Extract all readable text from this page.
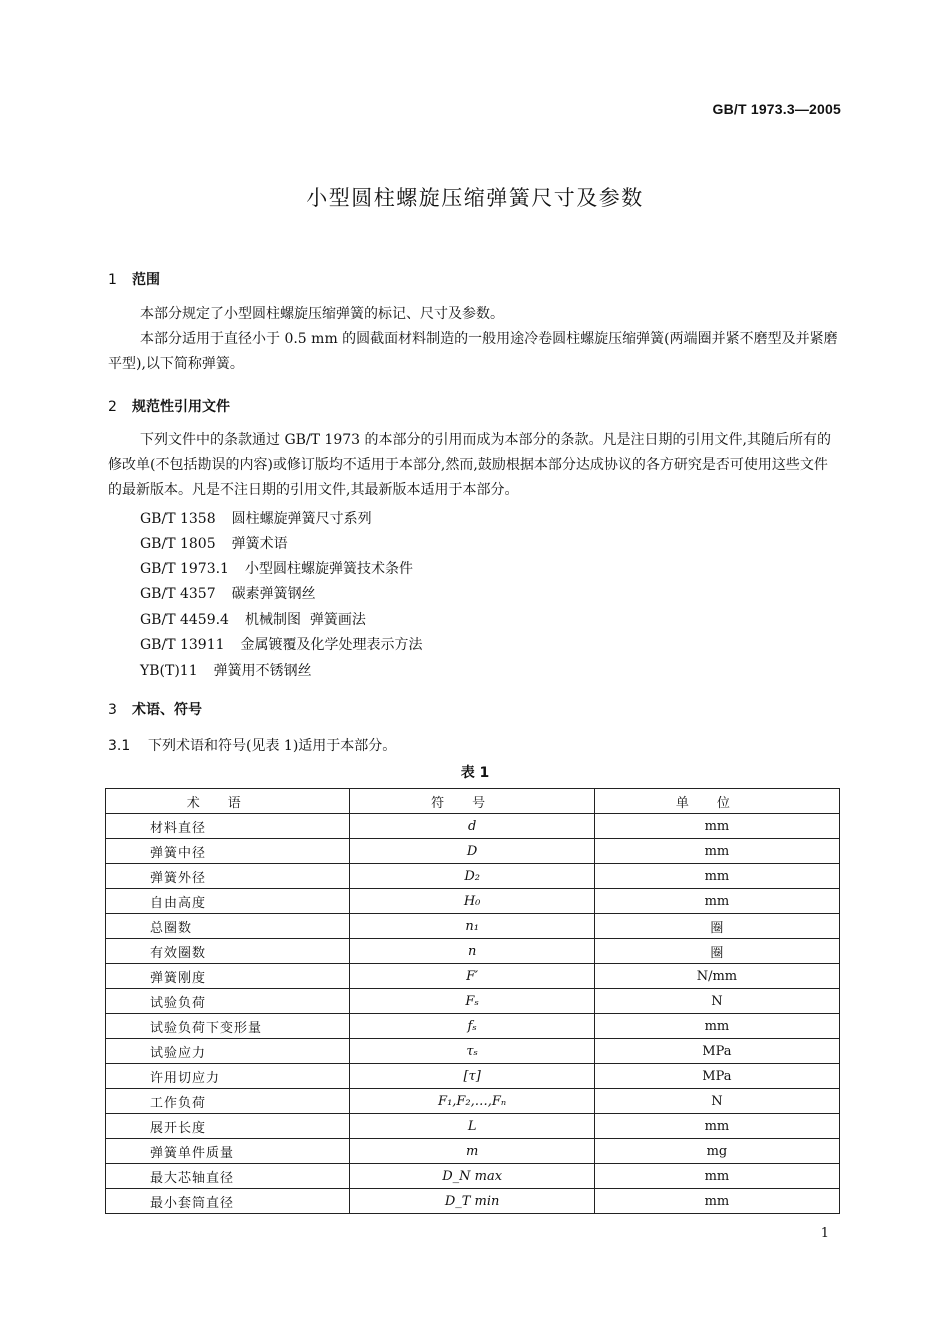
GB/T 1973.3—2005
小型圆柱螺旋压缩弹簧尺寸及参数
1 范围
本部分规定了小型圆柱螺旋压缩弹簧的标记、尺寸及参数。
本部分适用于直径小于 0.5 mm 的圆截面材料制造的一般用途冷卷圆柱螺旋压缩弹簧(两端圈并紧不磨型及并紧磨平型),以下简称弹簧。
2 规范性引用文件
下列文件中的条款通过 GB/T 1973 的本部分的引用而成为本部分的条款。凡是注日期的引用文件,其随后所有的修改单(不包括勘误的内容)或修订版均不适用于本部分,然而,鼓励根据本部分达成协议的各方研究是否可使用这些文件的最新版本。凡是不注日期的引用文件,其最新版本适用于本部分。
GB/T 1358 圆柱螺旋弹簧尺寸系列
GB/T 1805 弹簧术语
GB/T 1973.1 小型圆柱螺旋弹簧技术条件
GB/T 4357 碳素弹簧钢丝
GB/T 4459.4 机械制图  弹簧画法
GB/T 13911 金属镀覆及化学处理表示方法
YB(T)11 弹簧用不锈钢丝
3 术语、符号
3.1 下列术语和符号(见表 1)适用于本部分。
表 1
术语	符号	单位
材料直径	d	mm
弹簧中径	D	mm
弹簧外径	D₂	mm
自由高度	H₀	mm
总圈数	n₁	圈
有效圈数	n	圈
弹簧刚度	F′	N/mm
试验负荷	Fₛ	N
试验负荷下变形量	fₛ	mm
试验应力	τₛ	MPa
许用切应力	[τ]	MPa
工作负荷	F₁,F₂,…,Fₙ	N
展开长度	L	mm
弹簧单件质量	m	mg
最大芯轴直径	D_N max	mm
最小套筒直径	D_T min	mm
1
